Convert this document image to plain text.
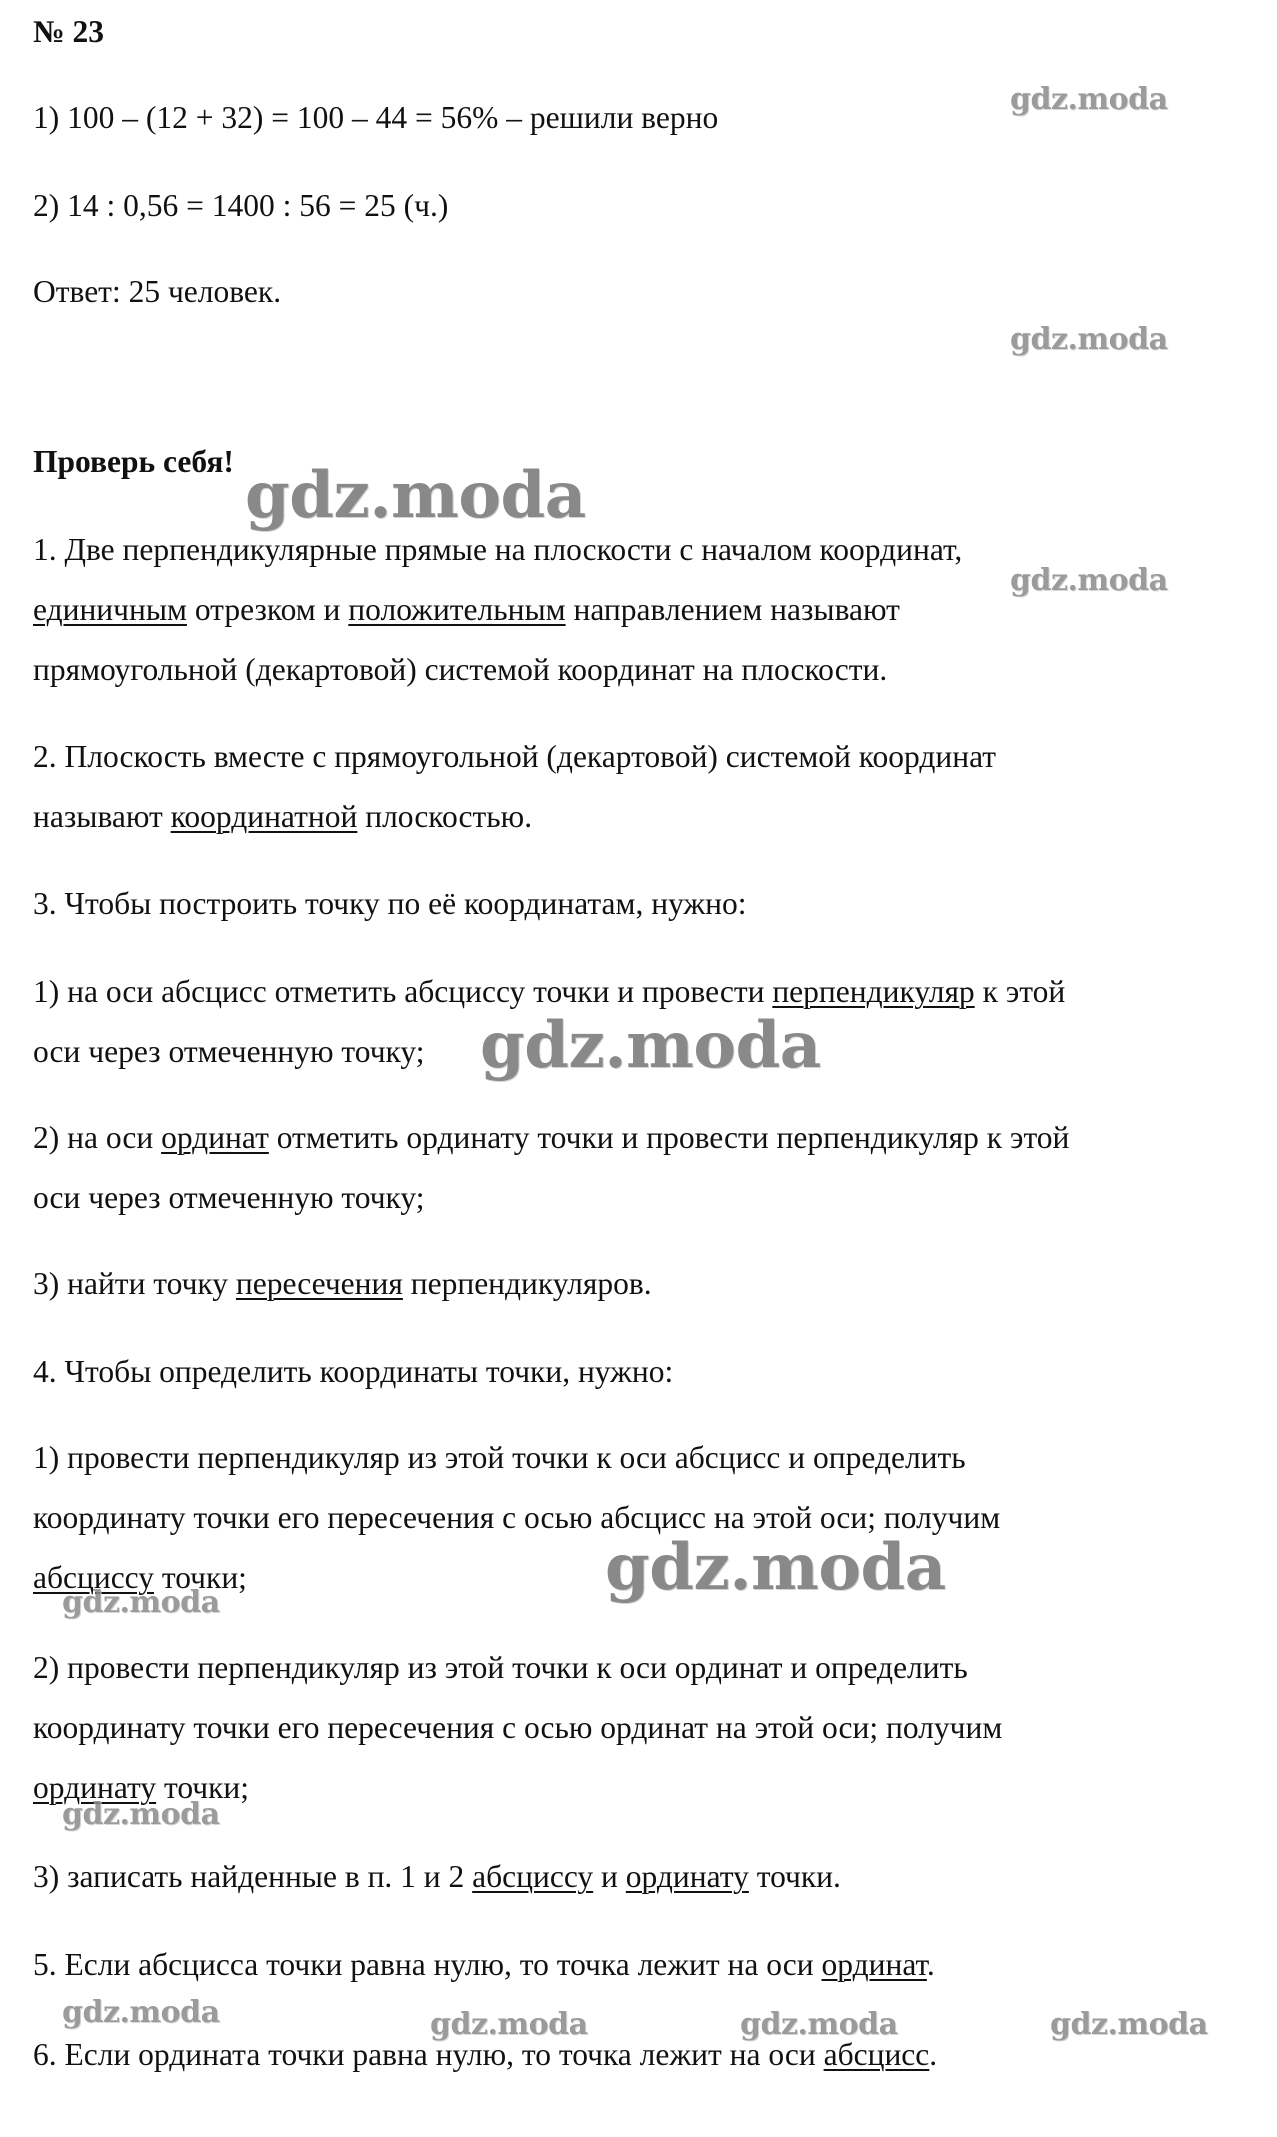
№ 23
1) 100 – (12 + 32) = 100 – 44 = 56% – решили верно
2) 14 : 0,56 = 1400 : 56 = 25 (ч.)
Ответ: 25 человек.
Проверь себя!
1. Две перпендикулярные прямые на плоскости с началом координат,
единичным отрезком и положительным направлением называют
прямоугольной (декартовой) системой координат на плоскости.
2. Плоскость вместе с прямоугольной (декартовой) системой координат
называют координатной плоскостью.
3. Чтобы построить точку по её координатам, нужно:
1) на оси абсцисс отметить абсциссу точки и провести перпендикуляр к этой
оси через отмеченную точку;
2) на оси ординат отметить ординату точки и провести перпендикуляр к этой
оси через отмеченную точку;
3) найти точку пересечения перпендикуляров.
4. Чтобы определить координаты точки, нужно:
1) провести перпендикуляр из этой точки к оси абсцисс и определить
координату точки его пересечения с осью абсцисс на этой оси; получим
абсциссу точки;
2) провести перпендикуляр из этой точки к оси ординат и определить
координату точки его пересечения с осью ординат на этой оси; получим
ординату точки;
3) записать найденные в п. 1 и 2 абсциссу и ординату точки.
5. Если абсцисса точки равна нулю, то точка лежит на оси ординат.
6. Если ордината точки равна нулю, то точка лежит на оси абсцисс.
gdz.moda
gdz.moda
gdz.moda
gdz.moda
gdz.moda
gdz.moda
gdz.moda
gdz.moda
gdz.moda	gdz.moda	gdz.moda	gdz.moda
